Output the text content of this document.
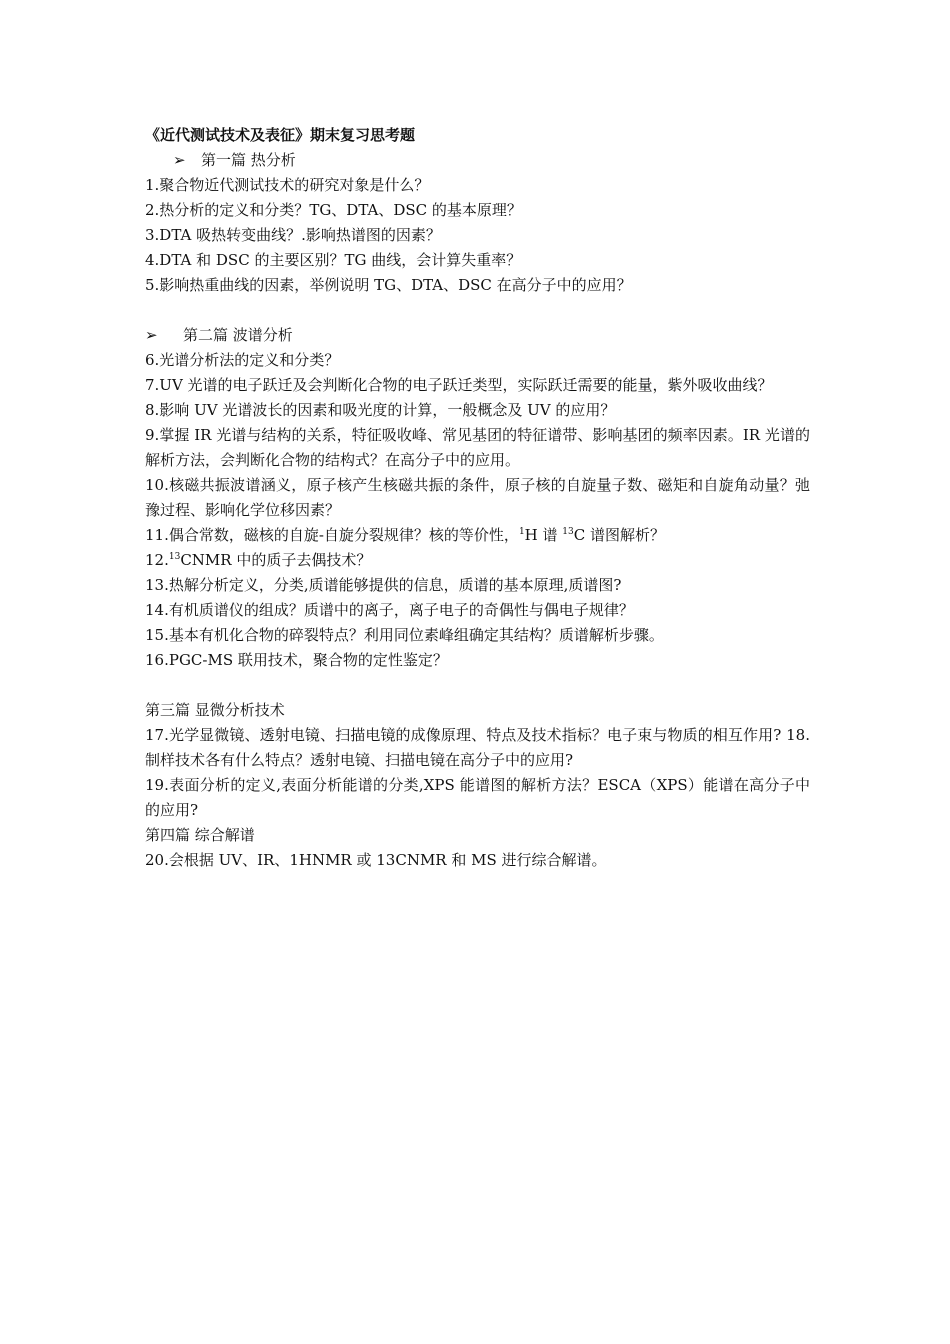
《近代测试技术及表征》期末复习思考题

➢ 第一篇 热分析

1.聚合物近代测试技术的研究对象是什么？

2.热分析的定义和分类？TG、DTA、DSC 的基本原理？

3.DTA 吸热转变曲线？.影响热谱图的因素？

4.DTA 和 DSC 的主要区别？TG 曲线，会计算失重率？

5.影响热重曲线的因素，举例说明 TG、DTA、DSC 在高分子中的应用？

➢ 第二篇 波谱分析

6.光谱分析法的定义和分类？

7.UV 光谱的电子跃迁及会判断化合物的电子跃迁类型，实际跃迁需要的能量，紫外吸收曲线？

8.影响 UV 光谱波长的因素和吸光度的计算，一般概念及 UV 的应用？

9.掌握 IR 光谱与结构的关系，特征吸收峰、常见基团的特征谱带、影响基团的频率因素。IR 光谱的解析方法，会判断化合物的结构式？在高分子中的应用。

10.核磁共振波谱涵义，原子核产生核磁共振的条件，原子核的自旋量子数、磁矩和自旋角动量？弛豫过程、影响化学位移因素？

11.偶合常数，磁核的自旋-自旋分裂规律？核的等价性，$^1$H 谱 $^{13}$C 谱图解析？

12.13CNMR 中的质子去偶技术？

13.热解分析定义，分类,质谱能够提供的信息，质谱的基本原理,质谱图?

14.有机质谱仪的组成？质谱中的离子，离子电子的奇偶性与偶电子规律？

15.基本有机化合物的碎裂特点？利用同位素峰组确定其结构？质谱解析步骤。

16.PGC-MS 联用技术，聚合物的定性鉴定？

第三篇 显微分析技术

17.光学显微镜、透射电镜、扫描电镜的成像原理、特点及技术指标？电子束与物质的相互作用? 18.制样技术各有什么特点？透射电镜、扫描电镜在高分子中的应用?

19.表面分析的定义,表面分析能谱的分类,XPS 能谱图的解析方法？ESCA（XPS）能谱在高分子中的应用?

第四篇 综合解谱

20.会根据 UV、IR、1HNMR 或 13CNMR 和 MS 进行综合解谱。
